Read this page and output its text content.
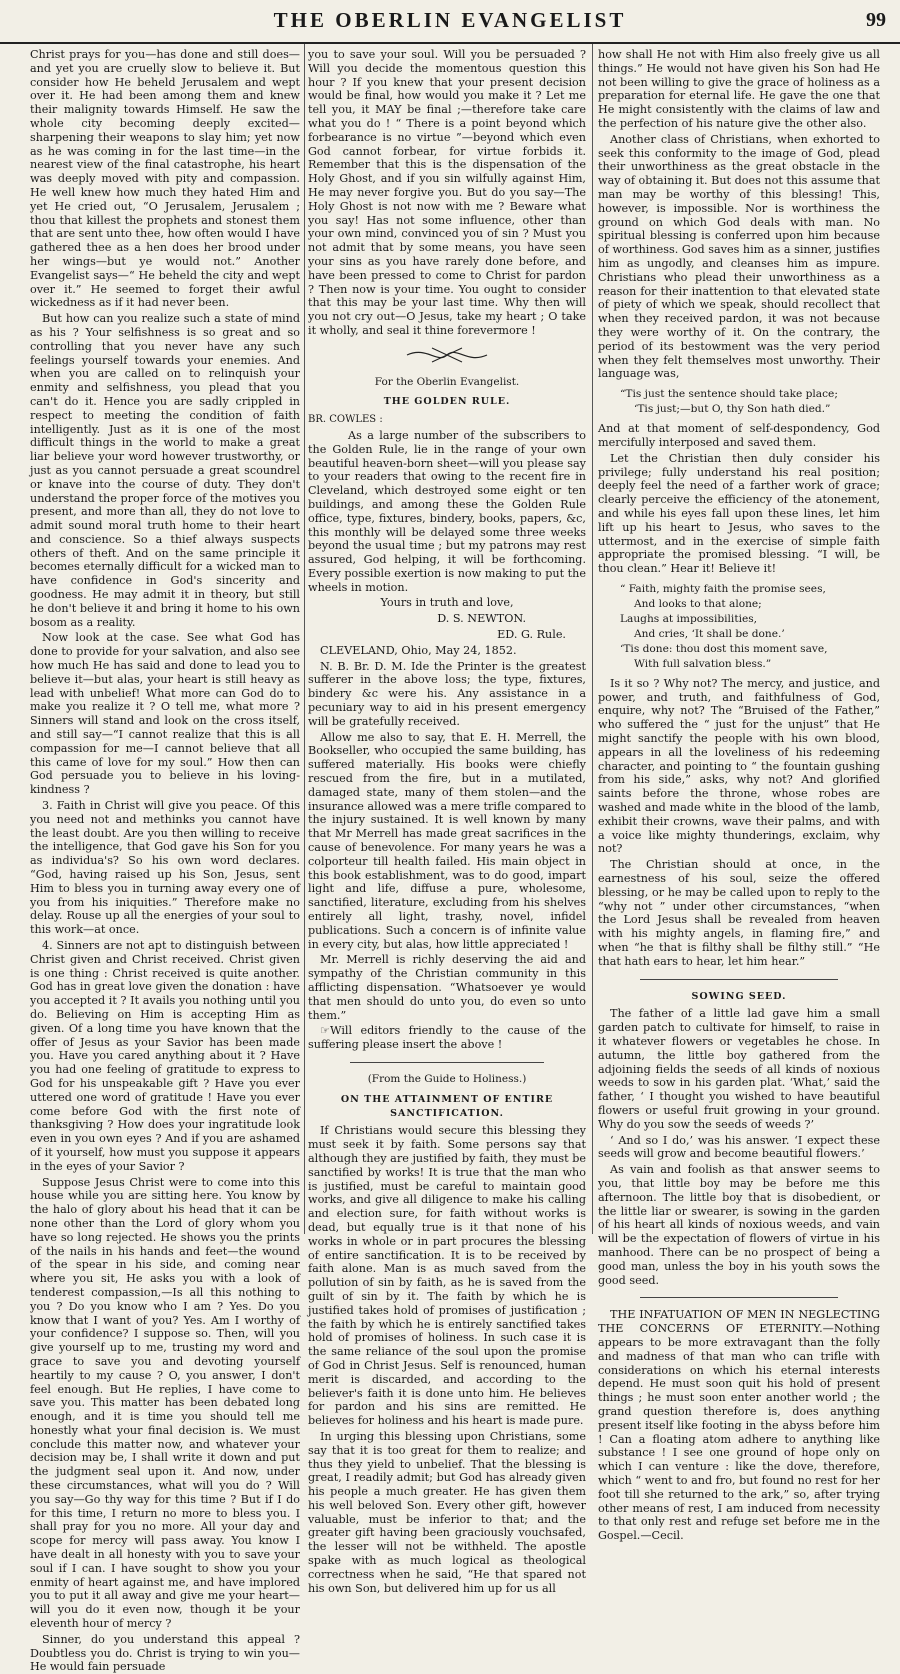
THE OBERLIN EVANGELIST	99

Christ prays for you—has done and still does—and yet you are cruelly slow to believe it. But consider how He beheld Jerusalem and wept over it. He had been among them and knew their malignity towards Himself. He saw the whole city becoming deeply excited—sharpening their weapons to slay him; yet now as he was coming in for the last time—in the nearest view of the final catastrophe, his heart was deeply moved with pity and compassion. He well knew how much they hated Him and yet He cried out, “O Jerusalem, Jerusalem ; thou that killest the prophets and stonest them that are sent unto thee, how often would I have gathered thee as a hen does her brood under her wings—but ye would not.” Another Evangelist says—“ He beheld the city and wept over it.” He seemed to forget their awful wickedness as if it had never been.

But how can you realize such a state of mind as his ? Your selfishness is so great and so controlling that you never have any such feelings yourself towards your enemies. And when you are called on to relinquish your enmity and selfishness, you plead that you can't do it. Hence you are sadly crippled in respect to meeting the condition of faith intelligently. Just as it is one of the most difficult things in the world to make a great liar believe your word however trustworthy, or just as you cannot persuade a great scoundrel or knave into the course of duty. They don't understand the proper force of the motives you present, and more than all, they do not love to admit sound moral truth home to their heart and conscience. So a thief always suspects others of theft. And on the same principle it becomes eternally difficult for a wicked man to have confidence in God's sincerity and goodness. He may admit it in theory, but still he don't believe it and bring it home to his own bosom as a reality.

Now look at the case. See what God has done to provide for your salvation, and also see how much He has said and done to lead you to believe it—but alas, your heart is still heavy as lead with unbelief! What more can God do to make you realize it ? O tell me, what more ? Sinners will stand and look on the cross itself, and still say—“I cannot realize that this is all compassion for me—I cannot believe that all this came of love for my soul.” How then can God persuade you to believe in his loving-kindness ?

3. Faith in Christ will give you peace. Of this you need not and methinks you cannot have the least doubt. Are you then willing to receive the intelligence, that God gave his Son for you as individua's? So his own word declares. “God, having raised up his Son, Jesus, sent Him to bless you in turning away every one of you from his iniquities.” Therefore make no delay. Rouse up all the energies of your soul to this work—at once.

4. Sinners are not apt to distinguish between Christ given and Christ received. Christ given is one thing : Christ received is quite another. God has in great love given the donation : have you accepted it ? It avails you nothing until you do. Believing on Him is accepting Him as given. Of a long time you have known that the offer of Jesus as your Savior has been made you. Have you cared anything about it ? Have you had one feeling of gratitude to express to God for his unspeakable gift ? Have you ever uttered one word of gratitude ! Have you ever come before God with the first note of thanksgiving ? How does your ingratitude look even in you own eyes ? And if you are ashamed of it yourself, how must you suppose it appears in the eyes of your Savior ?

Suppose Jesus Christ were to come into this house while you are sitting here. You know by the halo of glory about his head that it can be none other than the Lord of glory whom you have so long rejected. He shows you the prints of the nails in his hands and feet—the wound of the spear in his side, and coming near where you sit, He asks you with a look of tenderest compassion,—Is all this nothing to you ? Do you know who I am ? Yes. Do you know that I want of you? Yes. Am I worthy of your confidence? I suppose so. Then, will you give yourself up to me, trusting my word and grace to save you and devoting yourself heartily to my cause ? O, you answer, I don't feel enough. But He replies, I have come to save you. This matter has been debated long enough, and it is time you should tell me honestly what your final decision is. We must conclude this matter now, and whatever your decision may be, I shall write it down and put the judgment seal upon it. And now, under these circumstances, what will you do ? Will you say—Go thy way for this time ? But if I do for this time, I return no more to bless you. I shall pray for you no more. All your day and scope for mercy will pass away. You know I have dealt in all honesty with you to save your soul if I can. I have sought to show you your enmity of heart against me, and have implored you to put it all away and give me your heart—will you do it even now, though it be your eleventh hour of mercy ?

Sinner, do you understand this appeal ? Doubtless you do. Christ is trying to win you—He would fain persuade

you to save your soul. Will you be persuaded ? Will you decide the momentous question this hour ? If you knew that your present decision would be final, how would you make it ? Let me tell you, it MAY be final ;—therefore take care what you do ! “ There is a point beyond which forbearance is no virtue ”—beyond which even God cannot forbear, for virtue forbids it. Remember that this is the dispensation of the Holy Ghost, and if you sin wilfully against Him, He may never forgive you. But do you say—The Holy Ghost is not now with me ? Beware what you say! Has not some influence, other than your own mind, convinced you of sin ? Must you not admit that by some means, you have seen your sins as you have rarely done before, and have been pressed to come to Christ for pardon ? Then now is your time. You ought to consider that this may be your last time. Why then will you not cry out—O Jesus, take my heart ; O take it wholly, and seal it thine forevermore !

For the Oberlin Evangelist.

THE GOLDEN RULE.

BR. COWLES :

As a large number of the subscribers to the Golden Rule, lie in the range of your own beautiful heaven-born sheet—will you please say to your readers that owing to the recent fire in Cleveland, which destroyed some eight or ten buildings, and among these the Golden Rule office, type, fixtures, bindery, books, papers, &c, this monthly will be delayed some three weeks beyond the usual time ; but my patrons may rest assured, God helping, it will be forthcoming. Every possible exertion is now making to put the wheels in motion.

Yours in truth and love,

D. S. NEWTON.

ED. G. Rule.

CLEVELAND, Ohio, May 24, 1852.

N. B. Br. D. M. Ide the Printer is the greatest sufferer in the above loss; the type, fixtures, bindery &c were his. Any assistance in a pecuniary way to aid in his present emergency will be gratefully received.

Allow me also to say, that E. H. Merrell, the Bookseller, who occupied the same building, has suffered materially. His books were chiefly rescued from the fire, but in a mutilated, damaged state, many of them stolen—and the insurance allowed was a mere trifle compared to the injury sustained. It is well known by many that Mr Merrell has made great sacrifices in the cause of benevolence. For many years he was a colporteur till health failed. His main object in this book establishment, was to do good, impart light and life, diffuse a pure, wholesome, sanctified, literature, excluding from his shelves entirely all light, trashy, novel, infidel publications. Such a concern is of infinite value in every city, but alas, how little appreciated !

Mr. Merrell is richly deserving the aid and sympathy of the Christian community in this afflicting dispensation. “Whatsoever ye would that men should do unto you, do even so unto them.”

☞Will editors friendly to the cause of the suffering please insert the above !

(From the Guide to Holiness.)

ON THE ATTAINMENT OF ENTIRE SANCTIFICATION.

If Christians would secure this blessing they must seek it by faith. Some persons say that although they are justified by faith, they must be sanctified by works! It is true that the man who is justified, must be careful to maintain good works, and give all diligence to make his calling and election sure, for faith without works is dead, but equally true is it that none of his works in whole or in part procures the blessing of entire sanctification. It is to be received by faith alone. Man is as much saved from the pollution of sin by faith, as he is saved from the guilt of sin by it. The faith by which he is justified takes hold of promises of justification ; the faith by which he is entirely sanctified takes hold of promises of holiness. In such case it is the same reliance of the soul upon the promise of God in Christ Jesus. Self is renounced, human merit is discarded, and according to the believer's faith it is done unto him. He believes for pardon and his sins are remitted. He believes for holiness and his heart is made pure.

In urging this blessing upon Christians, some say that it is too great for them to realize; and thus they yield to unbelief. That the blessing is great, I readily admit; but God has already given his people a much greater. He has given them his well beloved Son. Every other gift, however valuable, must be inferior to that; and the greater gift having been graciously vouchsafed, the lesser will not be withheld. The apostle spake with as much logical as theological correctness when he said, “He that spared not his own Son, but delivered him up for us all

how shall He not with Him also freely give us all things.” He would not have given his Son had He not been willing to give the grace of holiness as a preparation for eternal life. He gave the one that He might consistently with the claims of law and the perfection of his nature give the other also.

Another class of Christians, when exhorted to seek this conformity to the image of God, plead their unworthiness as the great obstacle in the way of obtaining it. But does not this assume that man may be worthy of this blessing! This, however, is impossible. Nor is worthiness the ground on which God deals with man. No spiritual blessing is conferred upon him because of worthiness. God saves him as a sinner, justifies him as ungodly, and cleanses him as impure. Christians who plead their unworthiness as a reason for their inattention to that elevated state of piety of which we speak, should recollect that when they received pardon, it was not because they were worthy of it. On the contrary, the period of its bestowment was the very period when they felt themselves most unworthy. Their language was,

“Tis just the sentence should take place;
‘Tis just;—but O, thy Son hath died.”

And at that moment of self-despondency, God mercifully interposed and saved them.

Let the Christian then duly consider his privilege; fully understand his real position; deeply feel the need of a farther work of grace; clearly perceive the efficiency of the atonement, and while his eyes fall upon these lines, let him lift up his heart to Jesus, who saves to the uttermost, and in the exercise of simple faith appropriate the promised blessing. “I will, be thou clean.” Hear it! Believe it!

“ Faith, mighty faith the promise sees,
And looks to that alone;
Laughs at impossibilities,
And cries, ‘It shall be done.’
‘Tis done: thou dost this moment save,
With full salvation bless.”

Is it so ? Why not? The mercy, and justice, and power, and truth, and faithfulness of God, enquire, why not? The “Bruised of the Father,” who suffered the “ just for the unjust” that He might sanctify the people with his own blood, appears in all the loveliness of his redeeming character, and pointing to “ the fountain gushing from his side,” asks, why not? And glorified saints before the throne, whose robes are washed and made white in the blood of the lamb, exhibit their crowns, wave their palms, and with a voice like mighty thunderings, exclaim, why not?

The Christian should at once, in the earnestness of his soul, seize the offered blessing, or he may be called upon to reply to the “why not ” under other circumstances, “when the Lord Jesus shall be revealed from heaven with his mighty angels, in flaming fire,” and when “he that is filthy shall be filthy still.” “He that hath ears to hear, let him hear.”

SOWING SEED.

The father of a little lad gave him a small garden patch to cultivate for himself, to raise in it whatever flowers or vegetables he chose. In autumn, the little boy gathered from the adjoining fields the seeds of all kinds of noxious weeds to sow in his garden plat. ‘What,’ said the father, ‘ I thought you wished to have beautiful flowers or useful fruit growing in your ground. Why do you sow the seeds of weeds ?’

‘ And so I do,’ was his answer. ‘I expect these seeds will grow and become beautiful flowers.’

As vain and foolish as that answer seems to you, that little boy may be before me this afternoon. The little boy that is disobedient, or the little liar or swearer, is sowing in the garden of his heart all kinds of noxious weeds, and vain will be the expectation of flowers of virtue in his manhood. There can be no prospect of being a good man, unless the boy in his youth sows the good seed.

THE INFATUATION OF MEN IN NEGLECTING THE CONCERNS OF ETERNITY.—Nothing appears to be more extravagant than the folly and madness of that man who can trifle with considerations on which his eternal interests depend. He must soon quit his hold of present things ; he must soon enter another world ; the grand question therefore is, does anything present itself like footing in the abyss before him ! Can a floating atom adhere to anything like substance ! I see one ground of hope only on which I can venture : like the dove, therefore, which “ went to and fro, but found no rest for her foot till she returned to the ark,” so, after trying other means of rest, I am induced from necessity to that only rest and refuge set before me in the Gospel.—Cecil.
